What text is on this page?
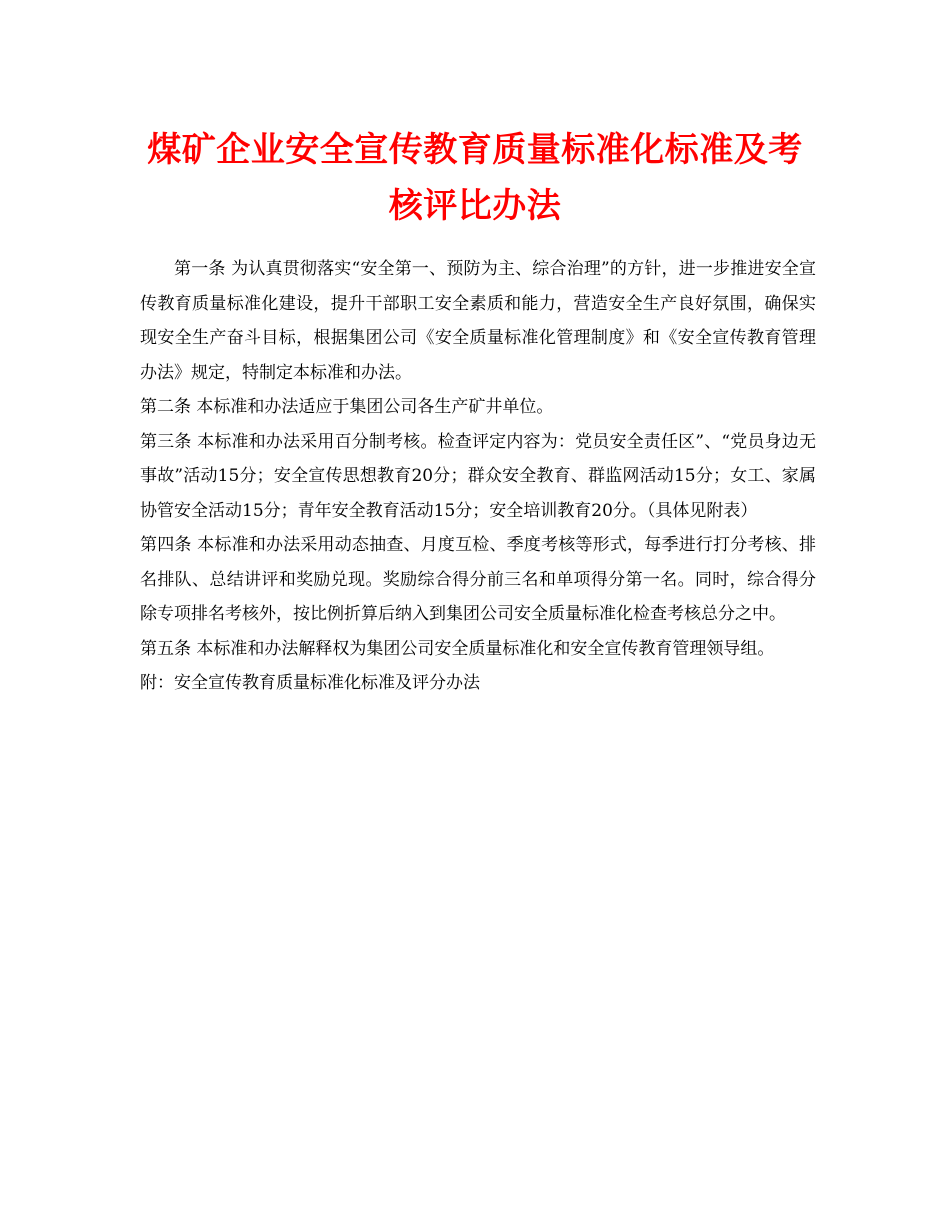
煤矿企业安全宣传教育质量标准化标准及考
核评比办法

第一条 为认真贯彻落实“安全第一、预防为主、综合治理”的方针，进一步推进安全宣传教育质量标准化建设，提升干部职工安全素质和能力，营造安全生产良好氛围，确保实现安全生产奋斗目标，根据集团公司《安全质量标准化管理制度》和《安全宣传教育管理办法》规定，特制定本标准和办法。

第二条 本标准和办法适应于集团公司各生产矿井单位。

第三条 本标准和办法采用百分制考核。检查评定内容为：党员安全责任区”、“党员身边无事故”活动15分；安全宣传思想教育20分；群众安全教育、群监网活动15分；女工、家属协管安全活动15分；青年安全教育活动15分；安全培训教育20分。（具体见附表）

第四条 本标准和办法采用动态抽查、月度互检、季度考核等形式，每季进行打分考核、排名排队、总结讲评和奖励兑现。奖励综合得分前三名和单项得分第一名。同时，综合得分除专项排名考核外，按比例折算后纳入到集团公司安全质量标准化检查考核总分之中。

第五条 本标准和办法解释权为集团公司安全质量标准化和安全宣传教育管理领导组。

附：安全宣传教育质量标准化标准及评分办法
